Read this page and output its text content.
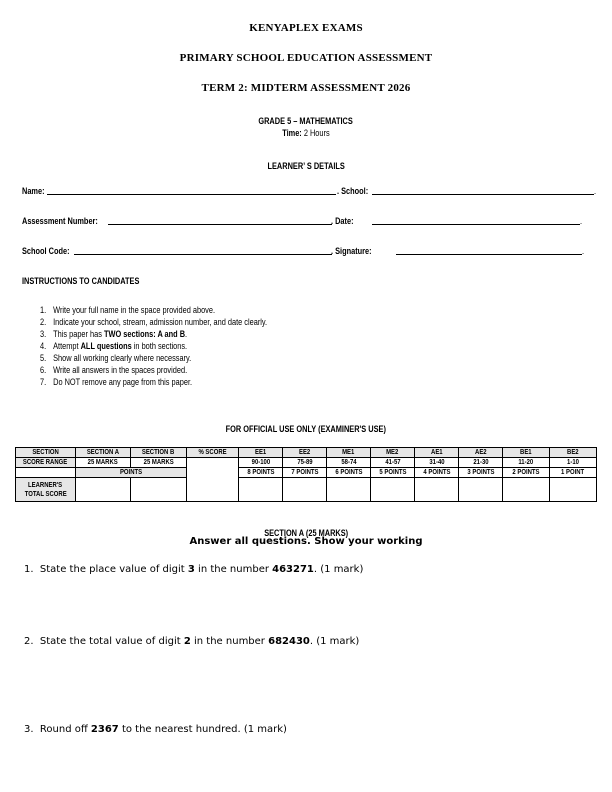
KENYAPLEX EXAMS
PRIMARY SCHOOL EDUCATION ASSESSMENT
TERM 2: MIDTERM ASSESSMENT 2026
GRADE 5 – MATHEMATICS
Time: 2 Hours
LEARNER’ S DETAILS
Name:	. School:	.
Assessment Number:	. Date:	.
School Code:	. Signature:	.
INSTRUCTIONS TO CANDIDATES
1. Write your full name in the space provided above.
2. Indicate your school, stream, admission number, and date clearly.
3. This paper has TWO sections: A and B.
4. Attempt ALL questions in both sections.
5. Show all working clearly where necessary.
6. Write all answers in the spaces provided.
7. Do NOT remove any page from this paper.
FOR OFFICIAL USE ONLY (EXAMINER'S USE)
SECTION	SECTION A	SECTION B	% SCORE	EE1	EE2	ME1	ME2	AE1	AE2	BE1	BE2
SCORE RANGE	25 MARKS	25 MARKS		90-100	75-89	58-74	41-57	31-40	21-30	11-20	1-10
	POINTS			8 POINTS	7 POINTS	6 POINTS	5 POINTS	4 POINTS	3 POINTS	2 POINTS	1 POINT
LEARNER'S
TOTAL SCORE											
SECTION A (25 MARKS)
Answer all questions. Show your working
1. State the place value of digit 3 in the number 463271. (1 mark)
2. State the total value of digit 2 in the number 682430. (1 mark)
3. Round off 2367 to the nearest hundred. (1 mark)
